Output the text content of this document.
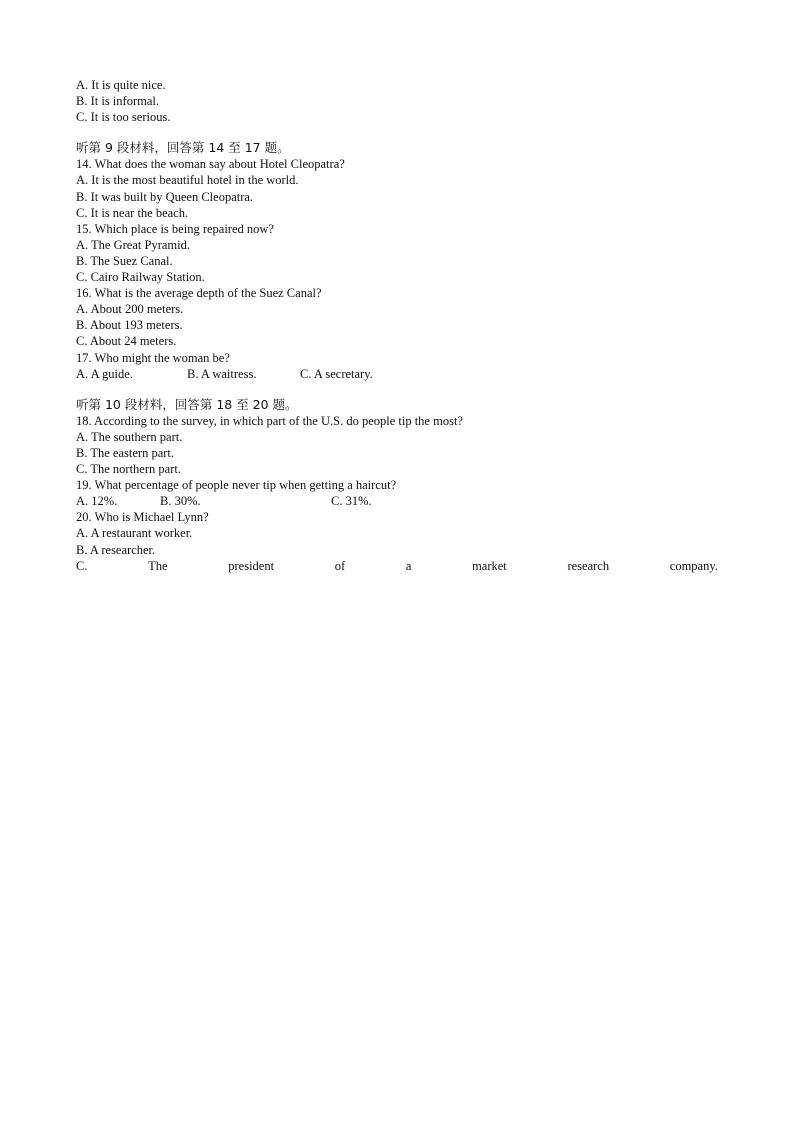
A. It is quite nice.
B. It is informal.
C. It is too serious.
听第 9 段材料，回答第 14 至 17 题。
14. What does the woman say about Hotel Cleopatra?
A. It is the most beautiful hotel in the world.
B. It was built by Queen Cleopatra.
C. It is near the beach.
15. Which place is being repaired now?
A. The Great Pyramid.
B. The Suez Canal.
C. Cairo Railway Station.
16. What is the average depth of the Suez Canal?
A. About 200 meters.
B. About 193 meters.
C. About 24 meters.
17. Who might the woman be?
A. A guide.	B. A waitress.	C. A secretary.
听第 10 段材料，回答第 18 至 20 题。
18. According to the survey, in which part of the U.S. do people tip the most?
A. The southern part.
B. The eastern part.
C. The northern part.
19. What percentage of people never tip when getting a haircut?
A. 12%.	B. 30%.	C. 31%.
20. Who is Michael Lynn?
A. A restaurant worker.
B. A researcher.
C.	The	president	of	a	market	research	company.
